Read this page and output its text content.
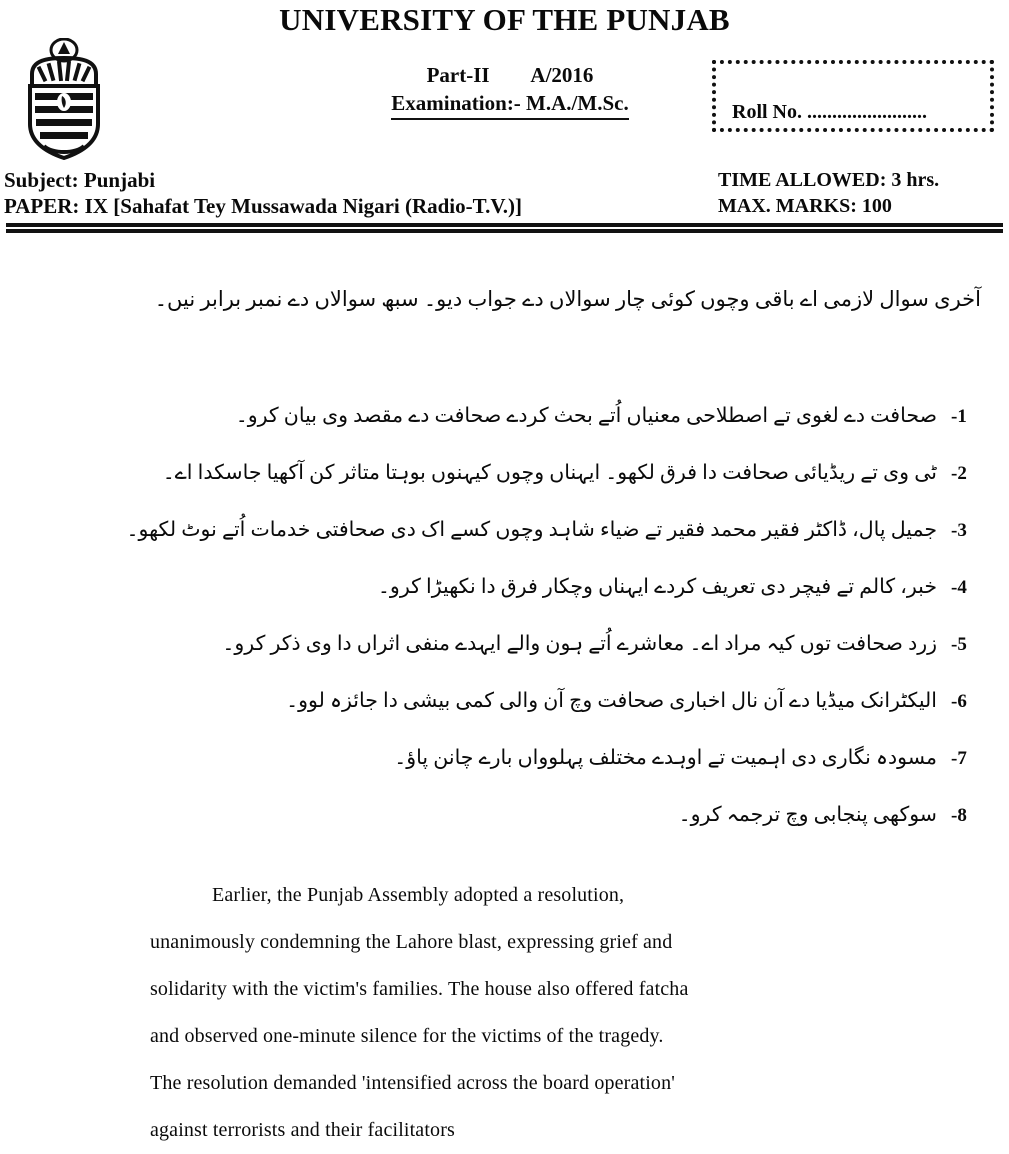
UNIVERSITY OF THE PUNJAB
Part-II        A/2016
Examination:- M.A./M.Sc.	Roll No. ........................
Subject: Punjabi
PAPER: IX [Sahafat Tey Mussawada Nigari (Radio-T.V.)]
TIME ALLOWED: 3 hrs.
MAX. MARKS: 100
آخری سوال لازمی اے باقی وچوں کوئی چار سوالاں دے جواب دیو۔ سبھ سوالاں دے نمبر برابر نیں۔
-1
صحافت دے لغوی تے اصطلاحی معنیاں اُتے بحث کردے صحافت دے مقصد وی بیان کرو۔
-2
ٹی وی تے ریڈیائی صحافت دا فرق لکھو۔ ایہناں وچوں کیہنوں بوہتا متاثر کن آکھیا جاسکدا اے۔
-3
جمیل پال، ڈاکٹر فقیر محمد فقیر تے ضیاء شاہد وچوں کسے اک دی صحافتی خدمات اُتے نوٹ لکھو۔
-4
خبر، کالم تے فیچر دی تعریف کردے ایہناں وچکار فرق دا نکھیڑا کرو۔
-5
زرد صحافت توں کیہ مراد اے۔ معاشرے اُتے ہون والے ایہدے منفی اثراں دا وی ذکر کرو۔
-6
الیکٹرانک میڈیا دے آن نال اخباری صحافت وچ آن والی کمی بیشی دا جائزہ لوو۔
-7
مسودہ نگاری دی اہمیت تے اوہدے مختلف پہلوواں بارے چانن پاؤ۔
-8
سوکھی پنجابی وچ ترجمہ کرو۔
Earlier, the Punjab Assembly adopted a resolution,
unanimously condemning the Lahore blast, expressing grief and
solidarity with the victim's families. The house also offered fatcha
and observed one-minute silence for the victims of the tragedy.
The resolution demanded 'intensified across the board operation'
against terrorists and their facilitators
